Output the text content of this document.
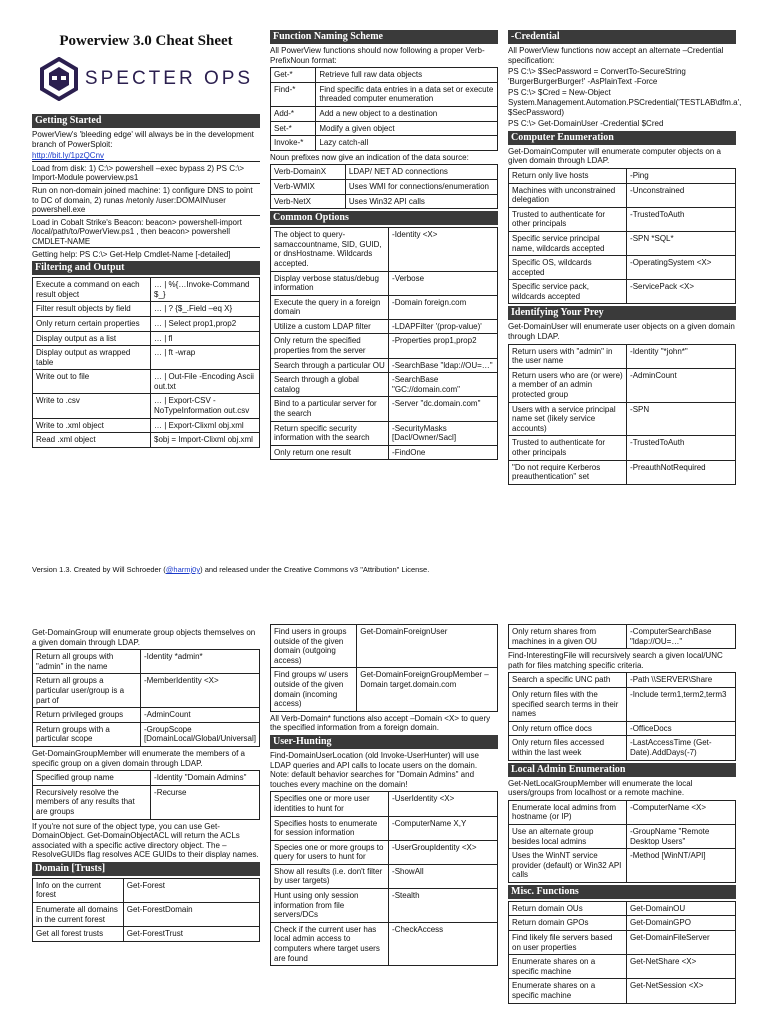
Powerview 3.0 Cheat Sheet
SPECTER OPS
Getting Started
PowerView's 'bleeding edge' will always be in the development branch of PowerSploit:
http://bit.ly/1pzQCnv
Load from disk: 1) C:\> powershell –exec bypass 2) PS C:\> Import-Module powerview.ps1
Run on non-domain joined machine: 1) configure DNS to point to DC of domain, 2) runas /netonly /user:DOMAIN\user powershell.exe
Load in Cobalt Strike's Beacon: beacon> powershell-import /local/path/to/PowerView.ps1 , then beacon> powershell CMDLET-NAME
Getting help: PS C:\> Get-Help Cmdlet-Name [-detailed]
Filtering and Output
Execute a command on each result object	… | %{…Invoke-Command $_}
Filter result objects by field	… | ? {$_.Field –eq X}
Only return certain properties	… | Select prop1,prop2
Display output as a list	… | fl
Display output as wrapped table	… | ft -wrap
Write out to file	… | Out-File -Encoding Ascii out.txt
Write to .csv	… | Export-CSV -NoTypeInformation out.csv
Write to .xml object	… | Export-Clixml obj.xml
Read .xml object	$obj = Import-Clixml obj.xml
Function Naming Scheme
All PowerView functions should now following a proper Verb-PrefixNoun format:
Get-*	Retrieve full raw data objects
Find-*	Find specific data entries in a data set or execute threaded computer enumeration
Add-*	Add a new object to a destination
Set-*	Modify a given object
Invoke-*	Lazy catch-all
Noun prefixes now give an indication of the data source:
Verb-DomainX	LDAP/ NET AD connections
Verb-WMIX	Uses WMI for connections/enumeration
Verb-NetX	Uses Win32 API calls
Common Options
The object to query-samaccountname, SID, GUID, or dnsHostname. Wildcards accepted.	-Identity <X>
Display verbose status/debug information	-Verbose
Execute the query in a foreign domain	-Domain foreign.com
Utilize a custom LDAP filter	-LDAPFilter '(prop-value)'
Only return the specified properties from the server	-Properties prop1,prop2
Search through a particular OU	-SearchBase "ldap://OU=…"
Search through a global catalog	-SearchBase "GC://domain.com"
Bind to a particular server for the search	-Server "dc.domain.com"
Return specific security information with the search	-SecurityMasks [Dacl/Owner/Sacl]
Only return one result	-FindOne
-Credential
All PowerView functions now accept an alternate –Credential specification:
PS C:\> $SecPassword = ConvertTo-SecureString 'BurgerBurgerBurger!' -AsPlainText -Force
PS C:\> $Cred = New-Object System.Management.Automation.PSCredential('TESTLAB\dfm.a', $SecPassword)
PS C:\> Get-DomainUser -Credential $Cred
Computer Enumeration
Get-DomainComputer will enumerate computer objects on a given domain through LDAP.
Return only live hosts	-Ping
Machines with unconstrained delegation	-Unconstrained
Trusted to authenticate for other principals	-TrustedToAuth
Specific service principal name, wildcards accepted	-SPN *SQL*
Specific OS, wildcards accepted	-OperatingSystem <X>
Specific service pack, wildcards accepted	-ServicePack <X>
Identifying Your Prey
Get-DomainUser will enumerate user objects on a given domain through LDAP.
Return users with "admin" in the user name	-Identity "*john*"
Return users who are (or were) a member of an admin protected group	-AdminCount
Users with a service principal name set (likely service accounts)	-SPN
Trusted to authenticate for other principals	-TrustedToAuth
"Do not require Kerberos preauthentication" set	-PreauthNotRequired
Version 1.3. Created by Will Schroeder (@harmj0y) and released under the Creative Commons v3 "Attribution" License.
Get-DomainGroup will enumerate group objects themselves on a given domain through LDAP.
Return all groups with "admin" in the name	-Identity *admin*
Return all groups a particular user/group is a part of	-MemberIdentity <X>
Return privileged groups	-AdminCount
Return groups with a particular scope	-GroupScope [DomainLocal/Global/Universal]
Get-DomainGroupMember will enumerate the members of a specific group on a given domain through LDAP.
Specified group name	-Identity "Domain Admins"
Recursively resolve the members of any results that are groups	-Recurse
If you're not sure of the object type, you can use Get-DomainObject. Get-DomainObjectACL will return the ACLs associated with a specific active directory object. The –ResolveGUIDs flag resolves ACE GUIDs to their display names.
Domain [Trusts]
Info on the current forest	Get-Forest
Enumerate all domains in the current forest	Get-ForestDomain
Get all forest trusts	Get-ForestTrust
Find users in groups outside of the given domain (outgoing access)	Get-DomainForeignUser
Find groups w/ users outside of the given domain (incoming access)	Get-DomainForeignGroupMember –Domain target.domain.com
All Verb-Domain* functions also accept –Domain <X> to query the specified information from a foreign domain.
User-Hunting
Find-DomainUserLocation (old Invoke-UserHunter) will use LDAP queries and API calls to locate users on the domain. Note: default behavior searches for "Domain Admins" and touches every machine on the domain!
Specifies one or more user identities to hunt for	-UserIdentity <X>
Specifies hosts to enumerate for session information	-ComputerName X,Y
Species one or more groups to query for users to hunt for	-UserGroupIdentity <X>
Show all results (i.e. don't filter by user targets)	-ShowAll
Hunt using only session information from file servers/DCs	-Stealth
Check if the current user has local admin access to computers where target users are found	-CheckAccess
Only return shares from machines in a given OU	-ComputerSearchBase "ldap://OU=…"
Find-InterestingFile will recursively search a given local/UNC path for files matching specific criteria.
Search a specific UNC path	-Path \\SERVER\Share
Only return files with the specified search terms in their names	-Include term1,term2,term3
Only return office docs	-OfficeDocs
Only return files accessed within the last week	-LastAccessTime (Get-Date).AddDays(-7)
Local Admin Enumeration
Get-NetLocalGroupMember will enumerate the local users/groups from localhost or a remote machine.
Enumerate local admins from hostname (or IP)	-ComputerName <X>
Use an alternate group besides local admins	-GroupName "Remote Desktop Users"
Uses the WinNT service provider (default) or Win32 API calls	-Method [WinNT/API]
Misc. Functions
Return domain OUs	Get-DomainOU
Return domain GPOs	Get-DomainGPO
Find likely file servers based on user properties	Get-DomainFileServer
Enumerate shares on a specific machine	Get-NetShare <X>
Enumerate shares on a specific machine	Get-NetSession <X>
